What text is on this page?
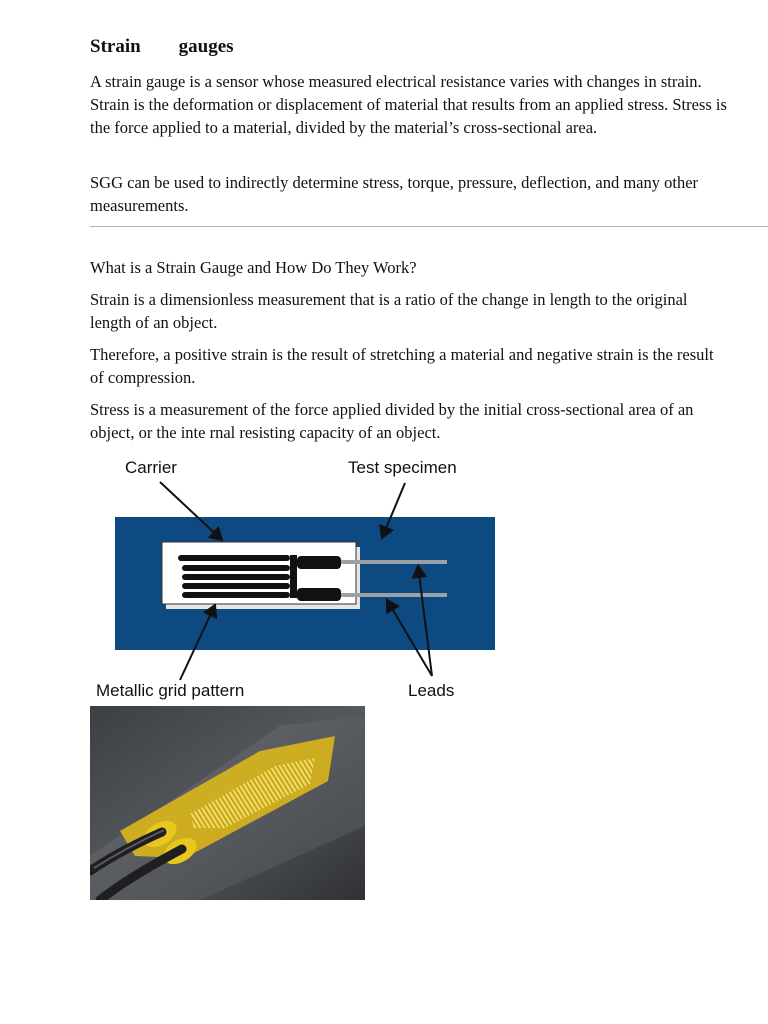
Strain        gauges

A strain gauge is a sensor whose measured electrical resistance varies with changes in strain. Strain is the deformation or displacement of material that results from an applied stress. Stress is the force applied to a material, divided by the material’s cross-sectional area.

SGG can be used to indirectly determine stress, torque, pressure, deflection, and many other measurements.

What is a Strain Gauge and How Do They Work?

Strain is a dimensionless measurement that is a ratio of the change in length to the original length of an object.

Therefore, a positive strain is the result of stretching a material and negative strain is the result of compression.

Stress is a measurement of the force applied divided by the initial cross-sectional area of an object, or the inte rnal resisting capacity of an object.

Carrier	Test specimen
Metallic grid pattern	Leads
